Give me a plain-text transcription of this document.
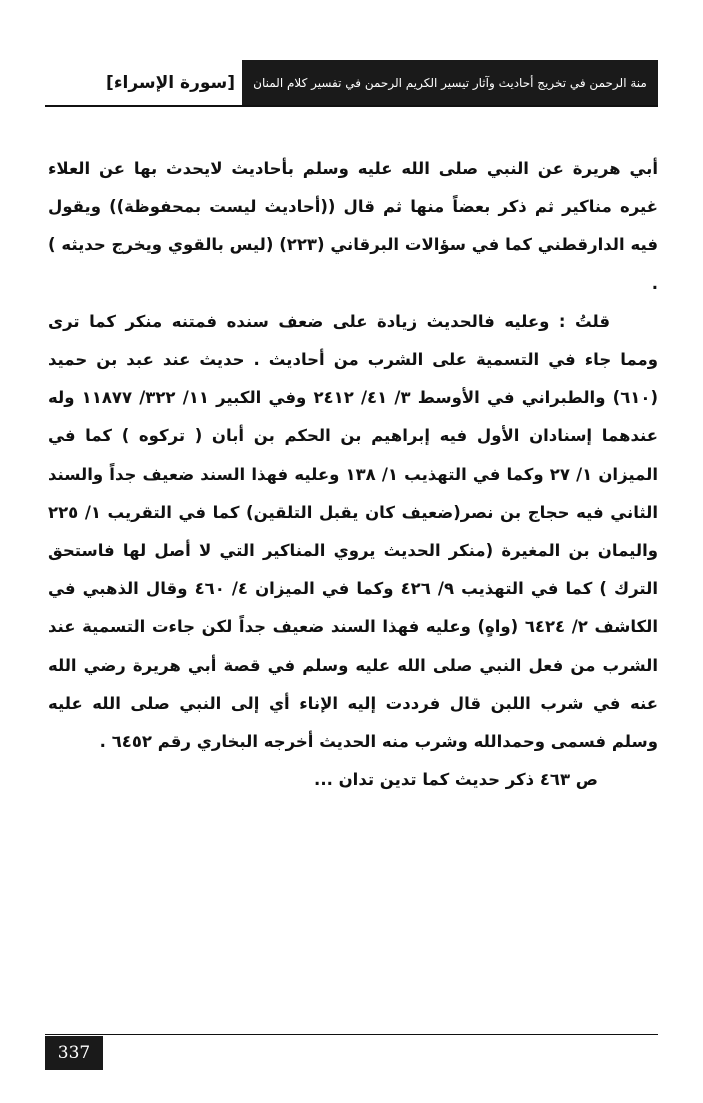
منة الرحمن في تخريج أحاديث وآثار تيسير الكريم الرحمن في تفسير كلام المنان
[سورة الإسراء]

أبي هريرة عن النبي صلى الله عليه وسلم بأحاديث لايحدث بها عن العلاء غيره مناكير ثم ذكر بعضاً منها ثم قال ((أحاديث ليست بمحفوظة)) ويقول فيه الدارقطني كما في سؤالات البرقاني (٢٢٣) (ليس بالقوي ويخرج حديثه ) .

قلتُ : وعليه فالحديث زيادة على ضعف سنده فمتنه منكر كما ترى ومما جاء في التسمية على الشرب من أحاديث . حديث عند عبد بن حميد (٦١٠) والطبراني في الأوسط ٣/ ٤١/ ٢٤١٢ وفي الكبير ١١/ ٣٢٢/ ١١٨٧٧ وله عندهما إسنادان الأول فيه إبراهيم بن الحكم بن أبان ( تركوه ) كما في الميزان ١/ ٢٧ وكما في التهذيب ١/ ١٣٨ وعليه فهذا السند ضعيف جداً والسند الثاني فيه حجاج بن نصر(ضعيف كان يقبل التلقين) كما في التقريب ١/ ٢٢٥ واليمان بن المغيرة (منكر الحديث يروي المناكير التي لا أصل لها فاستحق الترك ) كما في التهذيب ٩/ ٤٢٦ وكما في الميزان ٤/ ٤٦٠ وقال الذهبي في الكاشف ٢/ ٦٤٢٤ (واهٍ) وعليه فهذا السند ضعيف جداً لكن جاءت التسمية عند الشرب من فعل النبي صلى الله عليه وسلم في قصة أبي هريرة رضي الله عنه في شرب اللبن قال فرددت إليه الإناء أي إلى النبي صلى الله عليه وسلم فسمى وحمدالله وشرب منه الحديث أخرجه البخاري رقم ٦٤٥٢ .

ص ٤٦٣ ذكر حديث كما تدين تدان ...

337
